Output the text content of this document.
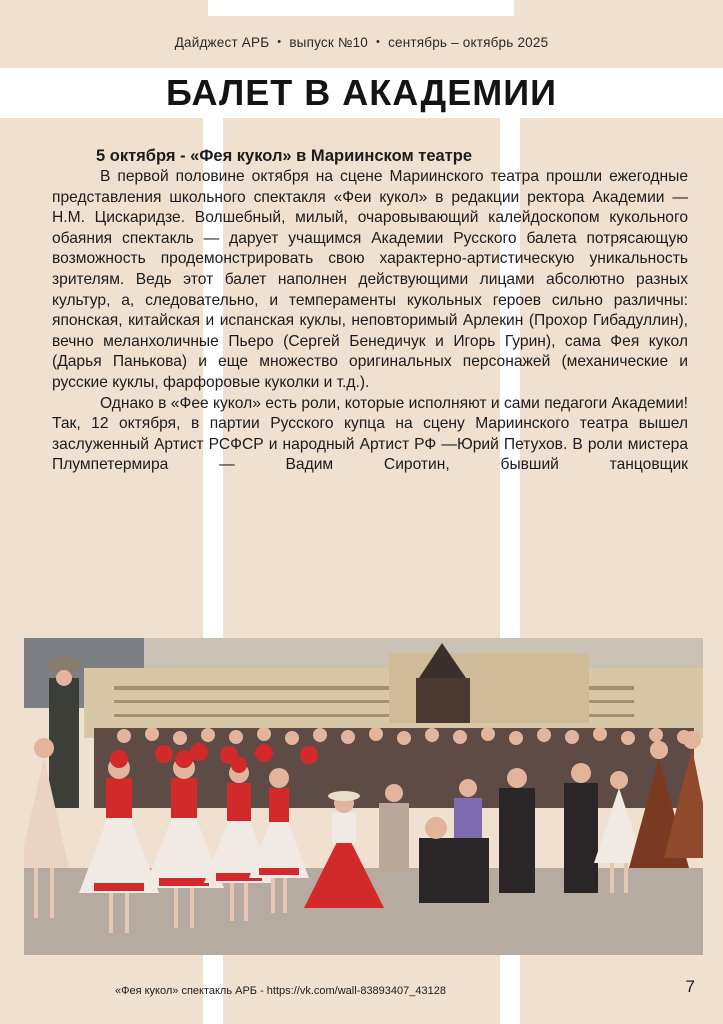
Дайджест АРБ • выпуск №10 • сентябрь – октябрь 2025
БАЛЕТ В АКАДЕМИИ
5 октября - «Фея кукол» в Мариинском театре

В первой половине октября на сцене Мариинского театра прошли ежегодные представления школьного спектакля «Феи кукол» в редакции ректора Академии — Н.М. Цискаридзе. Волшебный, милый, очаровывающий калейдоскопом кукольного обаяния спектакль — дарует учащимся Академии Русского балета потрясающую возможность продемонстрировать свою характерно-артистическую уникальность зрителям. Ведь этот балет наполнен действующими лицами абсолютно разных культур, а, следовательно, и темпераменты кукольных героев сильно различны: японская, китайская и испанская куклы, неповторимый Арлекин (Прохор Гибадуллин), вечно меланхоличные Пьеро (Сергей Бенедичук и Игорь Гурин), сама Фея кукол (Дарья Панькова) и еще множество оригинальных персонажей (механические и русские куклы, фарфоровые куколки и т.д.).

Однако в «Фее кукол» есть роли, которые исполняют и сами педагоги Академии! Так, 12 октября, в партии Русского купца на сцену Мариинского театра вышел заслуженный Артист РСФСР и народный Артист РФ —Юрий Петухов. В роли мистера Плумпетермира — Вадим Сиротин, бывший танцовщик

«Фея кукол» спектакль АРБ - https://vk.com/wall-83893407_43128	7
